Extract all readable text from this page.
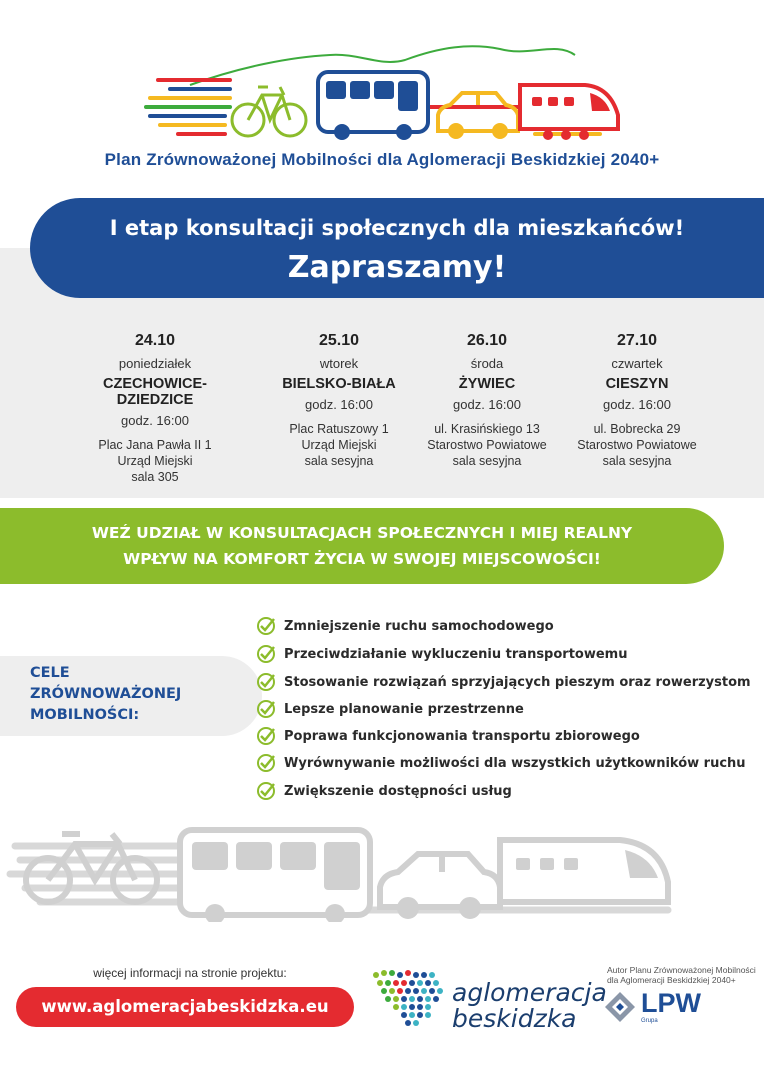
Plan Zrównoważonej Mobilności dla Aglomeracji Beskidzkiej 2040+
I etap konsultacji społecznych dla mieszkańców!
Zapraszamy!
24.10
poniedziałek
CZECHOWICE-DZIEDZICE
godz. 16:00
Plac Jana Pawła II 1
Urząd Miejski
sala 305
25.10
wtorek
BIELSKO-BIAŁA
godz. 16:00
Plac Ratuszowy 1
Urząd Miejski
sala sesyjna
26.10
środa
ŻYWIEC
godz. 16:00
ul. Krasińskiego 13
Starostwo Powiatowe
sala sesyjna
27.10
czwartek
CIESZYN
godz. 16:00
ul. Bobrecka 29
Starostwo Powiatowe
sala sesyjna
WEŹ UDZIAŁ W KONSULTACJACH SPOŁECZNYCH I MIEJ REALNY
WPŁYW NA KOMFORT ŻYCIA W SWOJEJ MIEJSCOWOŚCI!
CELE
ZRÓWNOWAŻONEJ
MOBILNOŚCI:
Zmniejszenie ruchu samochodowego
Przeciwdziałanie wykluczeniu transportowemu
Stosowanie rozwiązań sprzyjających pieszym oraz rowerzystom
Lepsze planowanie przestrzenne
Poprawa funkcjonowania transportu zbiorowego
Wyrównywanie możliwości dla wszystkich użytkowników ruchu
Zwiększenie dostępności usług
więcej informacji na stronie projektu:
www.aglomeracjabeskidzka.eu	aglomeracja
beskidzka
Autor Planu Zrównoważonej Mobilności
dla Aglomeracji Beskidzkiej 2040+
LPW
Grupa
